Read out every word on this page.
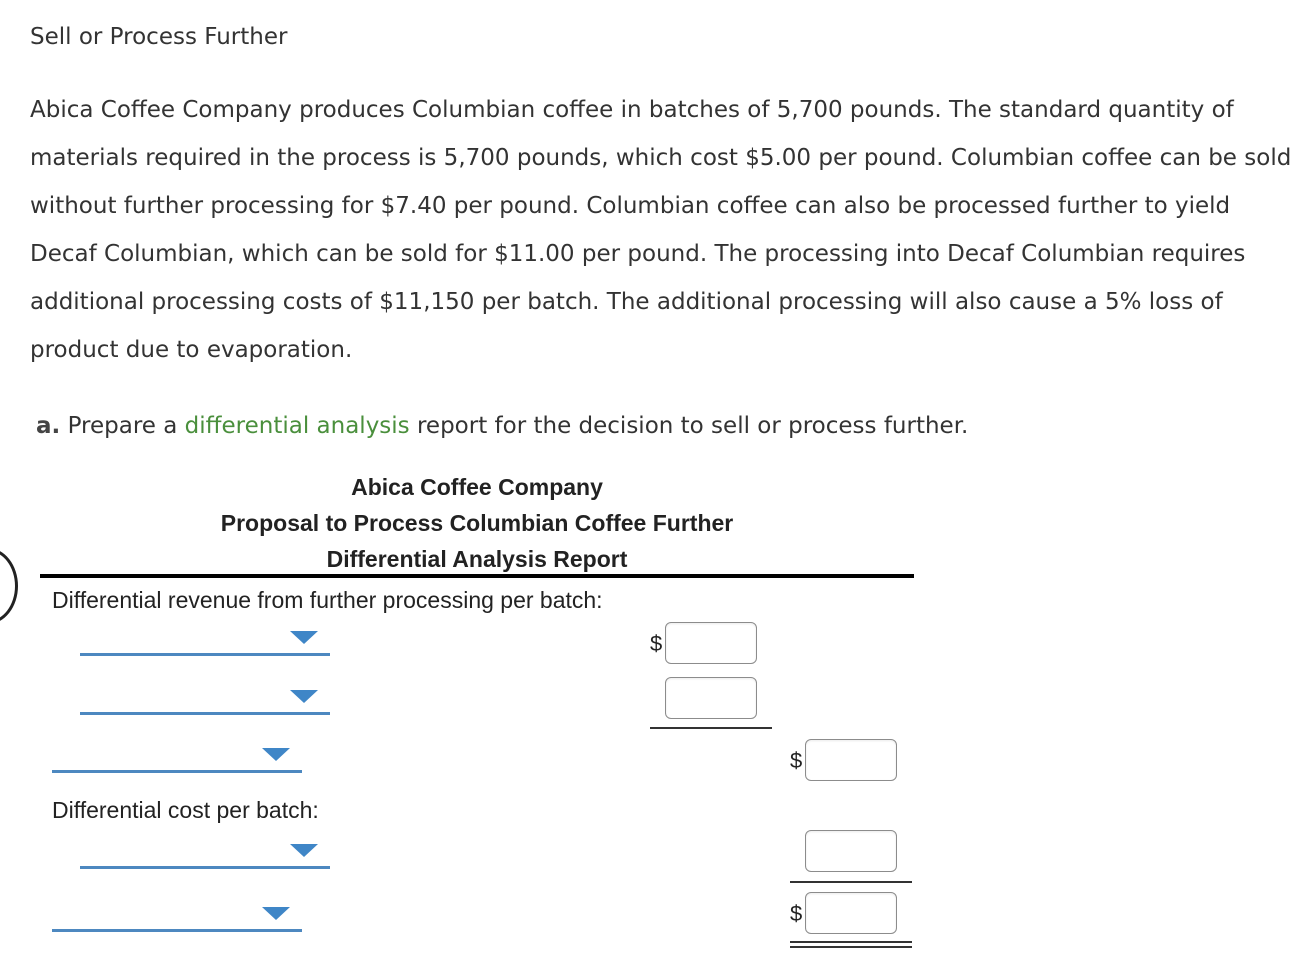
Sell or Process Further
Abica Coffee Company produces Columbian coffee in batches of 5,700 pounds. The standard quantity of materials required in the process is 5,700 pounds, which cost $5.00 per pound. Columbian coffee can be sold without further processing for $7.40 per pound. Columbian coffee can also be processed further to yield Decaf Columbian, which can be sold for $11.00 per pound. The processing into Decaf Columbian requires additional processing costs of $11,150 per batch. The additional processing will also cause a 5% loss of product due to evaporation.
a. Prepare a differential analysis report for the decision to sell or process further.
Abica Coffee Company
Proposal to Process Columbian Coffee Further
Differential Analysis Report
Differential revenue from further processing per batch:
$
$
Differential cost per batch:
$
